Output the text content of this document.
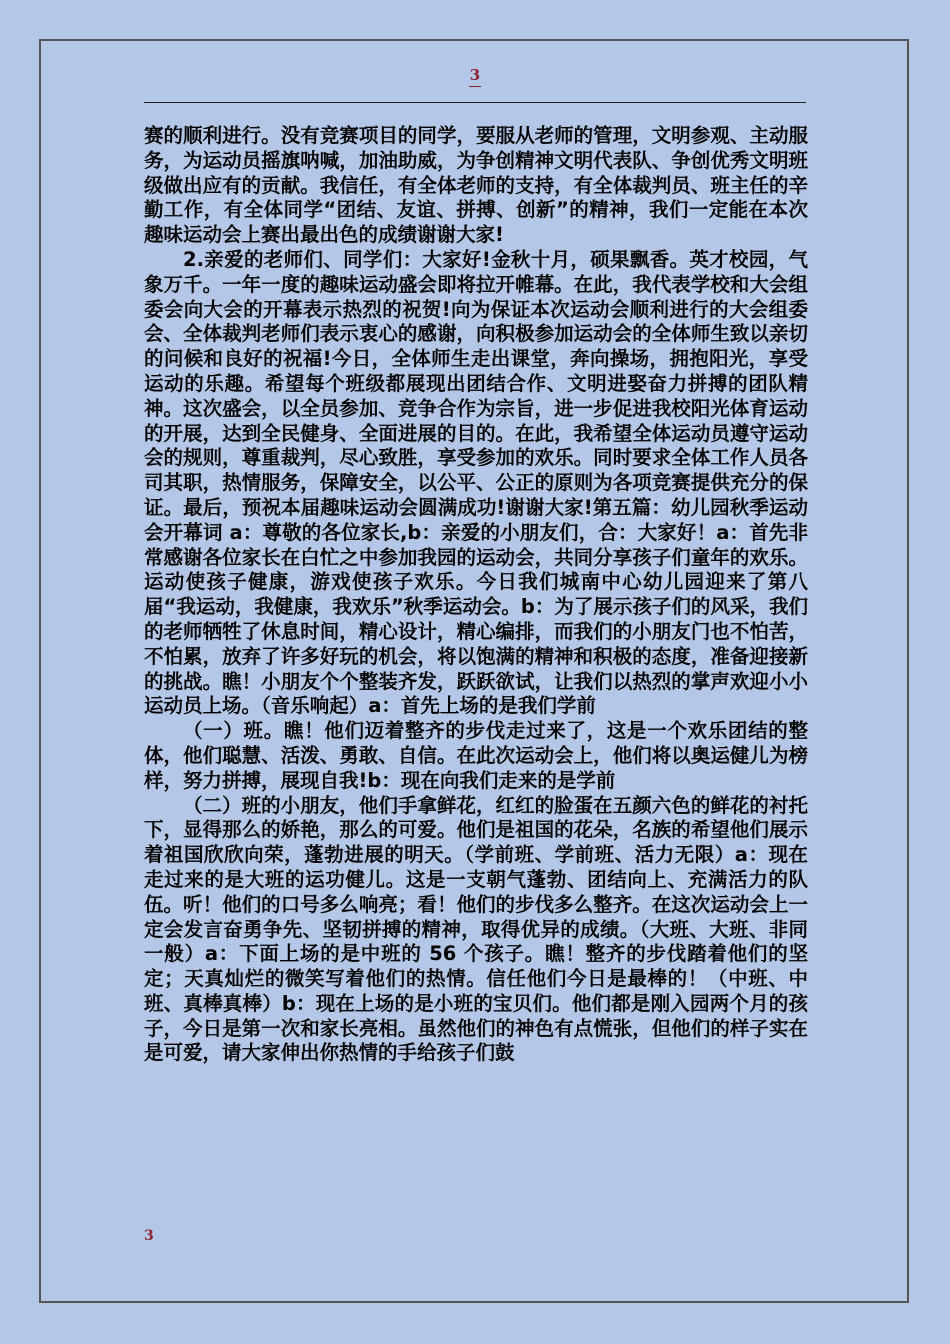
3

赛的顺利进行。没有竞赛项目的同学，要服从老师的管理，文明参观、主动服务，为运动员摇旗呐喊，加油助威，为争创精神文明代表队、争创优秀文明班级做出应有的贡献。我信任，有全体老师的支持，有全体裁判员、班主任的辛勤工作，有全体同学“团结、友谊、拼搏、创新”的精神，我们一定能在本次趣味运动会上赛出最出色的成绩谢谢大家!

2.亲爱的老师们、同学们：大家好!金秋十月，硕果飘香。英才校园，气象万千。一年一度的趣味运动盛会即将拉开帷幕。在此，我代表学校和大会组委会向大会的开幕表示热烈的祝贺!向为保证本次运动会顺利进行的大会组委会、全体裁判老师们表示衷心的感谢，向积极参加运动会的全体师生致以亲切的问候和良好的祝福!今日，全体师生走出课堂，奔向操场，拥抱阳光，享受运动的乐趣。希望每个班级都展现出团结合作、文明进娶奋力拼搏的团队精神。这次盛会，以全员参加、竞争合作为宗旨，进一步促进我校阳光体育运动的开展，达到全民健身、全面进展的目的。在此，我希望全体运动员遵守运动会的规则，尊重裁判，尽心致胜，享受参加的欢乐。同时要求全体工作人员各司其职，热情服务，保障安全，以公平、公正的原则为各项竞赛提供充分的保证。最后，预祝本届趣味运动会圆满成功!谢谢大家!第五篇：幼儿园秋季运动会开幕词 a：尊敬的各位家长,b：亲爱的小朋友们，合：大家好！a：首先非常感谢各位家长在白忙之中参加我园的运动会，共同分享孩子们童年的欢乐。运动使孩子健康，游戏使孩子欢乐。今日我们城南中心幼儿园迎来了第八届“我运动，我健康，我欢乐”秋季运动会。b：为了展示孩子们的风采，我们的老师牺牲了休息时间，精心设计，精心编排，而我们的小朋友门也不怕苦，不怕累，放弃了许多好玩的机会，将以饱满的精神和积极的态度，准备迎接新的挑战。瞧！小朋友个个整装齐发，跃跃欲试，让我们以热烈的掌声欢迎小小运动员上场。（音乐响起）a：首先上场的是我们学前

（一）班。瞧！他们迈着整齐的步伐走过来了，这是一个欢乐团结的整体，他们聪慧、活泼、勇敢、自信。在此次运动会上，他们将以奥运健儿为榜样，努力拼搏，展现自我!b：现在向我们走来的是学前

（二）班的小朋友，他们手拿鲜花，红红的脸蛋在五颜六色的鲜花的衬托下，显得那么的娇艳，那么的可爱。他们是祖国的花朵，名族的希望他们展示着祖国欣欣向荣，蓬勃进展的明天。（学前班、学前班、活力无限）a：现在走过来的是大班的运功健儿。这是一支朝气蓬勃、团结向上、充满活力的队伍。听！他们的口号多么响亮；看！他们的步伐多么整齐。在这次运动会上一定会发言奋勇争先、坚韧拼搏的精神，取得优异的成绩。（大班、大班、非同一般）a：下面上场的是中班的 56 个孩子。瞧！整齐的步伐踏着他们的坚定；天真灿烂的微笑写着他们的热情。信任他们今日是最棒的！（中班、中班、真棒真棒）b：现在上场的是小班的宝贝们。他们都是刚入园两个月的孩子，今日是第一次和家长亮相。虽然他们的神色有点慌张，但他们的样子实在是可爱，请大家伸出你热情的手给孩子们鼓

3
